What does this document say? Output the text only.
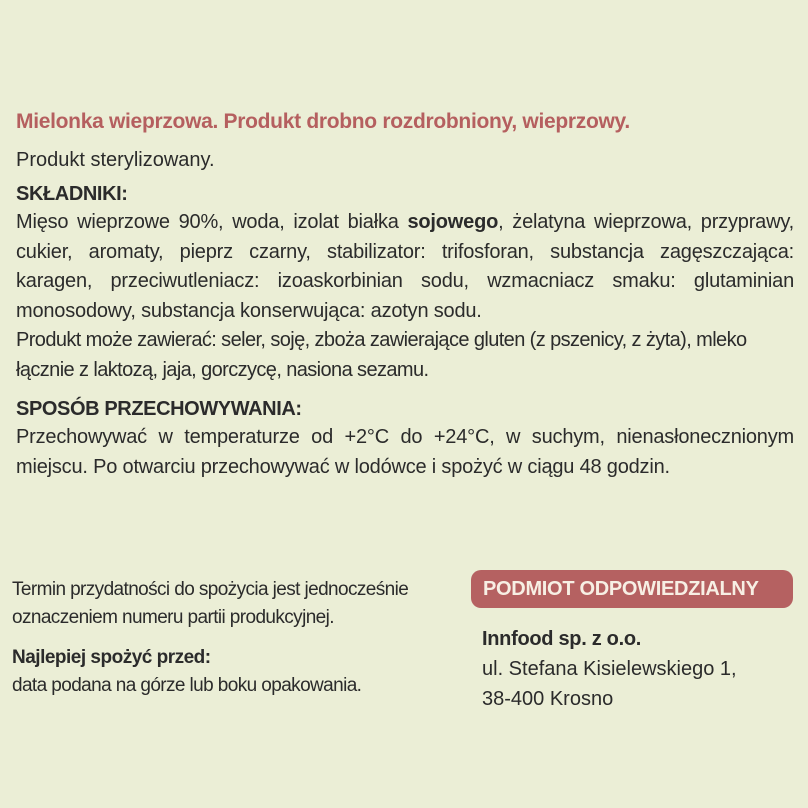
Mielonka wieprzowa. Produkt drobno rozdrobniony, wieprzowy.

Produkt sterylizowany.

SKŁADNIKI:

Mięso wieprzowe 90%, woda, izolat białka sojowego, żelatyna wieprzowa, przyprawy, cukier, aromaty, pieprz czarny, stabilizator: trifosforan, substancja zagęszczająca: karagen, przeciwutleniacz: izoaskorbinian sodu, wzmacniacz smaku: glutaminian monosodowy, substancja konserwująca: azotyn sodu.

Produkt może zawierać: seler, soję, zboża zawierające gluten (z pszenicy, z żyta), mleko łącznie z laktozą, jaja, gorczycę, nasiona sezamu.

SPOSÓB PRZECHOWYWANIA:

Przechowywać w temperaturze od +2°C do +24°C, w suchym, nienasłonecznionym miejscu. Po otwarciu przechowywać w lodówce i spożyć w ciągu 48 godzin.

Termin przydatności do spożycia jest jednocześnie oznaczeniem numeru partii produkcyjnej.

Najlepiej spożyć przed:

data podana na górze lub boku opakowania.

PODMIOT ODPOWIEDZIALNY

Innfood sp. z o.o.

ul. Stefana Kisielewskiego 1,

38-400 Krosno
